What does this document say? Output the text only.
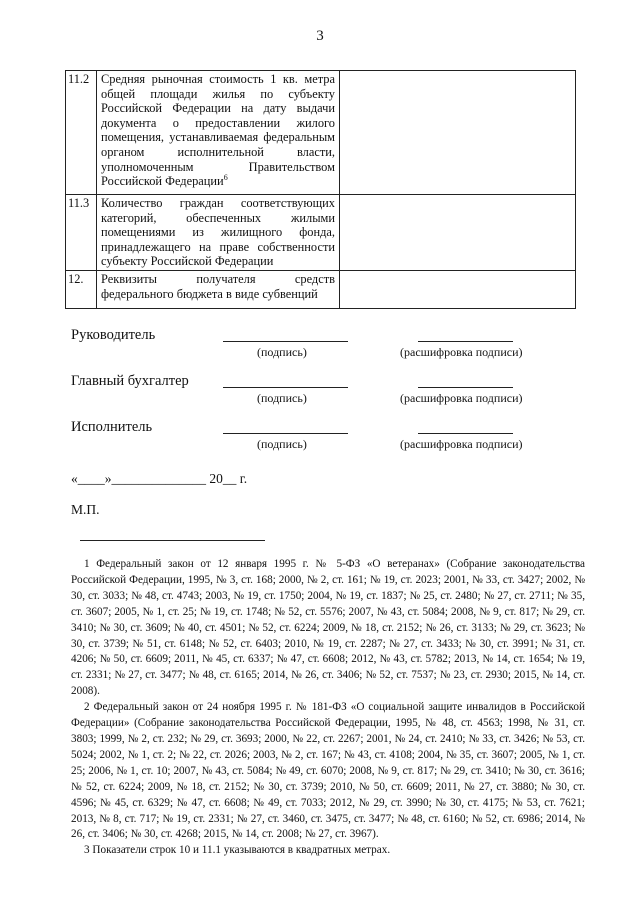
3
11.2	Средняя рыночная стоимость 1 кв. метра общей площади жилья по субъекту Российской Федерации на дату выдачи документа о предоставлении жилого помещения, устанавливаемая федеральным органом исполнительной власти, уполномоченным Правительством Российской Федерации$^6$	
11.3	Количество граждан соответствующих категорий, обеспеченных жилыми помещениями из жилищного фонда, принадлежащего на праве собственности субъекту Российской Федерации	
12.	Реквизиты получателя средств федерального бюджета в виде субвенций	
Руководитель
(подпись)	(расшифровка подписи)
Главный бухгалтер
(подпись)	(расшифровка подписи)
Исполнитель
(подпись)	(расшифровка подписи)
«____»______________ 20__ г.
М.П.

1 Федеральный закон от 12 января 1995 г. № 5-ФЗ «О ветеранах» (Собрание законодательства Российской Федерации, 1995, № 3, ст. 168; 2000, № 2, ст. 161; № 19, ст. 2023; 2001, № 33, ст. 3427; 2002, № 30, ст. 3033; № 48, ст. 4743; 2003, № 19, ст. 1750; 2004, № 19, ст. 1837; № 25, ст. 2480; № 27, ст. 2711; № 35, ст. 3607; 2005, № 1, ст. 25; № 19, ст. 1748; № 52, ст. 5576; 2007, № 43, ст. 5084; 2008, № 9, ст. 817; № 29, ст. 3410; № 30, ст. 3609; № 40, ст. 4501; № 52, ст. 6224; 2009, № 18, ст. 2152; № 26, ст. 3133; № 29, ст. 3623; № 30, ст. 3739; № 51, ст. 6148; № 52, ст. 6403; 2010, № 19, ст. 2287; № 27, ст. 3433; № 30, ст. 3991; № 31, ст. 4206; № 50, ст. 6609; 2011, № 45, ст. 6337; № 47, ст. 6608; 2012, № 43, ст. 5782; 2013, № 14, ст. 1654; № 19, ст. 2331; № 27, ст. 3477; № 48, ст. 6165; 2014, № 26, ст. 3406; № 52, ст. 7537; № 23, ст. 2930; 2015, № 14, ст. 2008).

2 Федеральный закон от 24 ноября 1995 г. № 181-ФЗ «О социальной защите инвалидов в Российской Федерации» (Собрание законодательства Российской Федерации, 1995, № 48, ст. 4563; 1998, № 31, ст. 3803; 1999, № 2, ст. 232; № 29, ст. 3693; 2000, № 22, ст. 2267; 2001, № 24, ст. 2410; № 33, ст. 3426; № 53, ст. 5024; 2002, № 1, ст. 2; № 22, ст. 2026; 2003, № 2, ст. 167; № 43, ст. 4108; 2004, № 35, ст. 3607; 2005, № 1, ст. 25; 2006, № 1, ст. 10; 2007, № 43, ст. 5084; № 49, ст. 6070; 2008, № 9, ст. 817; № 29, ст. 3410; № 30, ст. 3616; № 52, ст. 6224; 2009, № 18, ст. 2152; № 30, ст. 3739; 2010, № 50, ст. 6609; 2011, № 27, ст. 3880; № 30, ст. 4596; № 45, ст. 6329; № 47, ст. 6608; № 49, ст. 7033; 2012, № 29, ст. 3990; № 30, ст. 4175; № 53, ст. 7621; 2013, № 8, ст. 717; № 19, ст. 2331; № 27, ст. 3460, ст. 3475, ст. 3477; № 48, ст. 6160; № 52, ст. 6986; 2014, № 26, ст. 3406; № 30, ст. 4268; 2015, № 14, ст. 2008; № 27, ст. 3967).

3 Показатели строк 10 и 11.1 указываются в квадратных метрах.
